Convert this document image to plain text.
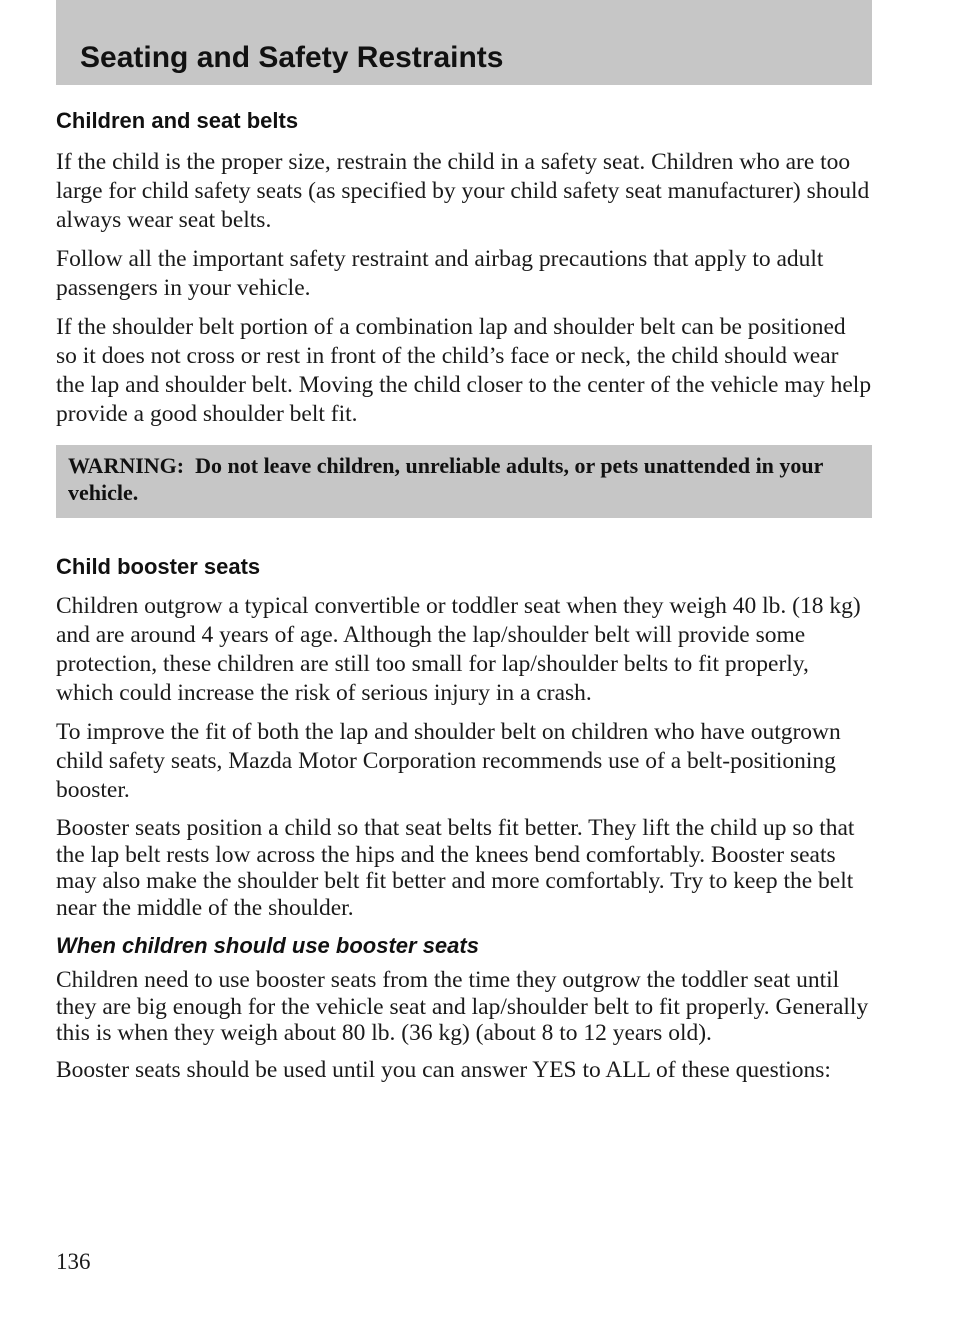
Seating and Safety Restraints
Children and seat belts

If the child is the proper size, restrain the child in a safety seat. Children who are too large for child safety seats (as specified by your child safety seat manufacturer) should always wear seat belts.

Follow all the important safety restraint and airbag precautions that apply to adult passengers in your vehicle.

If the shoulder belt portion of a combination lap and shoulder belt can be positioned so it does not cross or rest in front of the child’s face or neck, the child should wear the lap and shoulder belt. Moving the child closer to the center of the vehicle may help provide a good shoulder belt fit.

WARNING: Do not leave children, unreliable adults, or pets unattended in your vehicle.

Child booster seats

Children outgrow a typical convertible or toddler seat when they weigh 40 lb. (18 kg) and are around 4 years of age. Although the lap/shoulder belt will provide some protection, these children are still too small for lap/shoulder belts to fit properly, which could increase the risk of serious injury in a crash.

To improve the fit of both the lap and shoulder belt on children who have outgrown child safety seats, Mazda Motor Corporation recommends use of a belt-positioning booster.

Booster seats position a child so that seat belts fit better. They lift the child up so that the lap belt rests low across the hips and the knees bend comfortably. Booster seats may also make the shoulder belt fit better and more comfortably. Try to keep the belt near the middle of the shoulder.

When children should use booster seats

Children need to use booster seats from the time they outgrow the toddler seat until they are big enough for the vehicle seat and lap/shoulder belt to fit properly. Generally this is when they weigh about 80 lb. (36 kg) (about 8 to 12 years old).

Booster seats should be used until you can answer YES to ALL of these questions:

136
